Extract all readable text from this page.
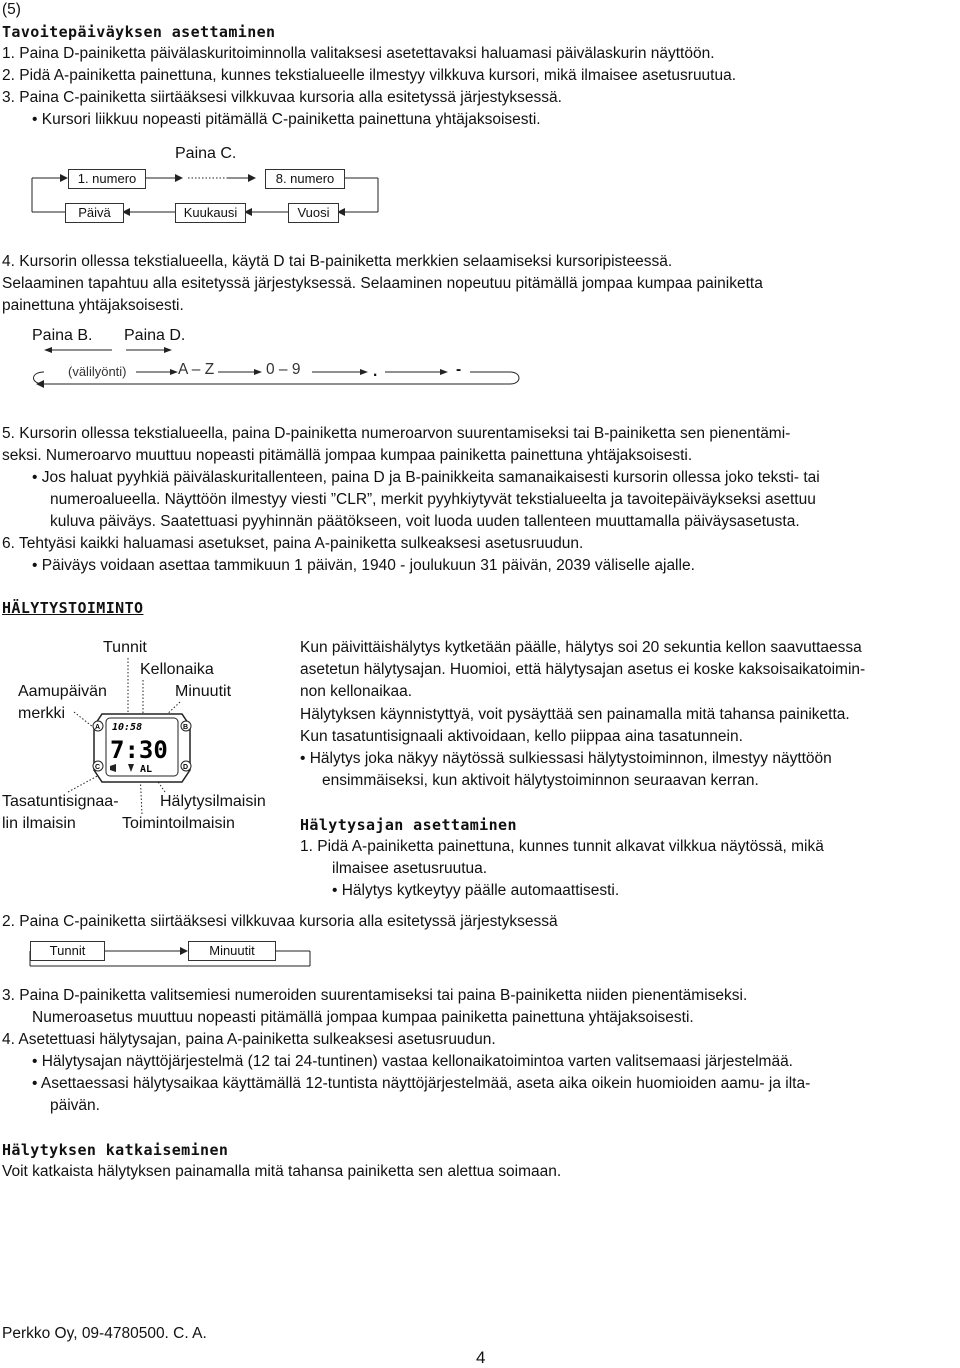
(5)
Tavoitepäiväyksen asettaminen
1. Paina D-painiketta päivälaskuritoiminnolla valitaksesi asetettavaksi haluamasi päivälaskurin näyttöön.
2. Pidä A-painiketta painettuna, kunnes tekstialueelle ilmestyy vilkkuva kursori, mikä ilmaisee asetusruutua.
3. Paina C-painiketta siirtääksesi vilkkuvaa kursoria alla esitetyssä järjestyksessä.
• Kursori liikkuu nopeasti pitämällä C-painiketta painettuna yhtäjaksoisesti.
Paina C.
1. numero	8. numero
Päivä	Kuukausi	Vuosi
4. Kursorin ollessa tekstialueella, käytä D tai B-painiketta merkkien selaamiseksi kursoripisteessä.
Selaaminen tapahtuu alla esitetyssä järjestyksessä. Selaaminen nopeutuu pitämällä jompaa kumpaa painiketta
painettuna yhtäjaksoisesti.
Paina B. Paina D.
(välilyönti)	A – Z	0 – 9	.	-
5. Kursorin ollessa tekstialueella, paina D-painiketta numeroarvon suurentamiseksi tai B-painiketta sen pienentämi-
seksi. Numeroarvo muuttuu nopeasti pitämällä jompaa kumpaa painiketta painettuna yhtäjaksoisesti.
• Jos haluat pyyhkiä päivälaskuritallenteen, paina D ja B-painikkeita samanaikaisesti kursorin ollessa joko teksti- tai
numeroalueella. Näyttöön ilmestyy viesti ”CLR”, merkit pyyhkiytyvät tekstialueelta ja tavoitepäiväykseksi asettuu
kuluva päiväys. Saatettuasi pyyhinnän päätökseen, voit luoda uuden tallenteen muuttamalla päiväysasetusta.
6. Tehtyäsi kaikki haluamasi asetukset, paina A-painiketta sulkeaksesi asetusruudun.
• Päiväys voidaan asettaa tammikuun 1 päivän, 1940 - joulukuun 31 päivän, 2039 väliselle ajalle.
HÄLYTYSTOIMINTO
Tunnit
Kellonaika
Aamupäivän
merkki
Minuutit
Tasatuntisignaa-
lin ilmaisin
Hälytysilmaisin
Toimintoilmaisin
A	B
C	D
10:58
7:30
AL
Kun päivittäishälytys kytketään päälle, hälytys soi 20 sekuntia kellon saavuttaessa
asetetun hälytysajan. Huomioi, että hälytysajan asetus ei koske kaksoisaikatoimin-
non kellonaikaa.
Hälytyksen käynnistyttyä, voit pysäyttää sen painamalla mitä tahansa painiketta.
Kun tasatuntisignaali aktivoidaan, kello piippaa aina tasatunnein.
• Hälytys joka näkyy näytössä sulkiessasi hälytystoiminnon, ilmestyy näyttöön
ensimmäiseksi, kun aktivoit hälytystoiminnon seuraavan kerran.
Hälytysajan asettaminen
1. Pidä A-painiketta painettuna, kunnes tunnit alkavat vilkkua näytössä, mikä
ilmaisee asetusruutua.
• Hälytys kytkeytyy päälle automaattisesti.
2. Paina C-painiketta siirtääksesi vilkkuvaa kursoria alla esitetyssä järjestyksessä
Tunnit	Minuutit
3. Paina D-painiketta valitsemiesi numeroiden suurentamiseksi tai paina B-painiketta niiden pienentämiseksi.
Numeroasetus muuttuu nopeasti pitämällä jompaa kumpaa painiketta painettuna yhtäjaksoisesti.
4. Asetettuasi hälytysajan, paina A-painiketta sulkeaksesi asetusruudun.
• Hälytysajan näyttöjärjestelmä (12 tai 24-tuntinen) vastaa kellonaikatoimintoa varten valitsemaasi järjestelmää.
• Asettaessasi hälytysaikaa käyttämällä 12-tuntista näyttöjärjestelmää, aseta aika oikein huomioiden aamu- ja ilta-
päivän.
Hälytyksen katkaiseminen
Voit katkaista hälytyksen painamalla mitä tahansa painiketta sen alettua soimaan.
Perkko Oy, 09-4780500. C. A.
4
